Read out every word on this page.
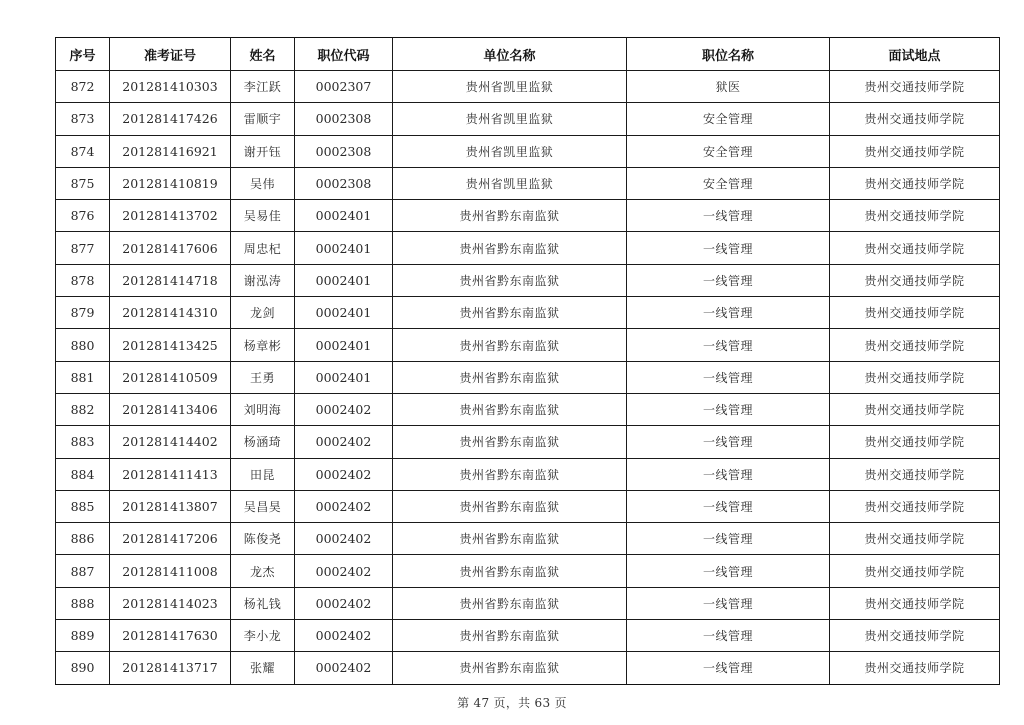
序号	准考证号	姓名	职位代码	单位名称	职位名称	面试地点
872	201281410303	李江跃	0002307	贵州省凯里监狱	狱医	贵州交通技师学院
873	201281417426	雷顺宇	0002308	贵州省凯里监狱	安全管理	贵州交通技师学院
874	201281416921	谢开钰	0002308	贵州省凯里监狱	安全管理	贵州交通技师学院
875	201281410819	吴伟	0002308	贵州省凯里监狱	安全管理	贵州交通技师学院
876	201281413702	吴易佳	0002401	贵州省黔东南监狱	一线管理	贵州交通技师学院
877	201281417606	周忠杞	0002401	贵州省黔东南监狱	一线管理	贵州交通技师学院
878	201281414718	谢泓涛	0002401	贵州省黔东南监狱	一线管理	贵州交通技师学院
879	201281414310	龙剑	0002401	贵州省黔东南监狱	一线管理	贵州交通技师学院
880	201281413425	杨章彬	0002401	贵州省黔东南监狱	一线管理	贵州交通技师学院
881	201281410509	王勇	0002401	贵州省黔东南监狱	一线管理	贵州交通技师学院
882	201281413406	刘明海	0002402	贵州省黔东南监狱	一线管理	贵州交通技师学院
883	201281414402	杨涵琦	0002402	贵州省黔东南监狱	一线管理	贵州交通技师学院
884	201281411413	田昆	0002402	贵州省黔东南监狱	一线管理	贵州交通技师学院
885	201281413807	吴昌昊	0002402	贵州省黔东南监狱	一线管理	贵州交通技师学院
886	201281417206	陈俊尧	0002402	贵州省黔东南监狱	一线管理	贵州交通技师学院
887	201281411008	龙杰	0002402	贵州省黔东南监狱	一线管理	贵州交通技师学院
888	201281414023	杨礼钱	0002402	贵州省黔东南监狱	一线管理	贵州交通技师学院
889	201281417630	李小龙	0002402	贵州省黔东南监狱	一线管理	贵州交通技师学院
890	201281413717	张耀	0002402	贵州省黔东南监狱	一线管理	贵州交通技师学院
第 47 页，共 63 页
